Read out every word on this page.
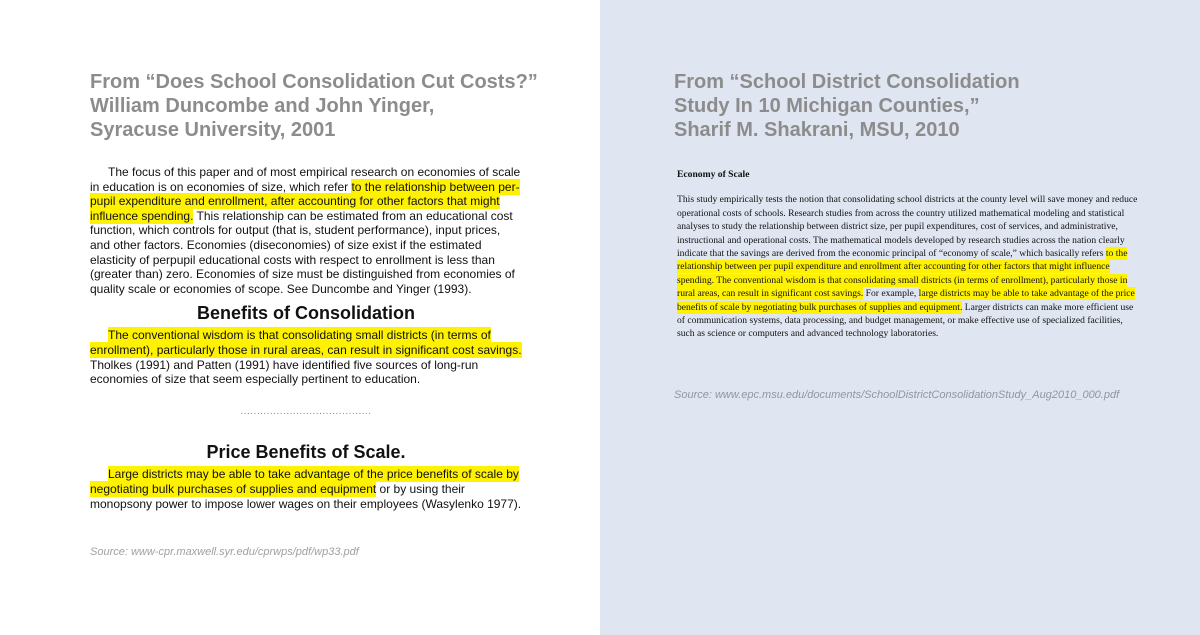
From “Does School Consolidation Cut Costs?”
William Duncombe and John Yinger,
Syracuse University, 2001

The focus of this paper and of most empirical research on economies of scale in education is on economies of size, which refer to the relationship between per-pupil expenditure and enrollment, after accounting for other factors that might influence spending. This relationship can be estimated from an educational cost function, which controls for output (that is, student performance), input prices, and other factors. Economies (diseconomies) of size exist if the estimated elasticity of perpupil educational costs with respect to enrollment is less than (greater than) zero. Economies of size must be distinguished from economies of quality scale or economies of scope. See Duncombe and Yinger (1993).

Benefits of Consolidation

The conventional wisdom is that consolidating small districts (in terms of enrollment), particularly those in rural areas, can result in significant cost savings. Tholkes (1991) and Patten (1991) have identified five sources of long-run economies of size that seem especially pertinent to education.

........................................
Price Benefits of Scale.

Large districts may be able to take advantage of the price benefits of scale by negotiating bulk purchases of supplies and equipment or by using their monopsony power to impose lower wages on their employees (Wasylenko 1977).

Source: www-cpr.maxwell.syr.edu/cprwps/pdf/wp33.pdf
From “School District Consolidation
Study In 10 Michigan Counties,”
Sharif M. Shakrani, MSU, 2010

Economy of Scale

This study empirically tests the notion that consolidating school districts at the county level will save money and reduce operational costs of schools. Research studies from across the country utilized mathematical modeling and statistical analyses to study the relationship between district size, per pupil expenditures, cost of services, and administrative, instructional and operational costs. The mathematical models developed by research studies across the nation clearly indicate that the savings are derived from the economic principal of “economy of scale,” which basically refers to the relationship between per pupil expenditure and enrollment after accounting for other factors that might influence spending. The conventional wisdom is that consolidating small districts (in terms of enrollment), particularly those in rural areas, can result in significant cost savings. For example, large districts may be able to take advantage of the price benefits of scale by negotiating bulk purchases of supplies and equipment. Larger districts can make more efficient use of communication systems, data processing, and budget management, or make effective use of specialized facilities, such as science or computers and advanced technology laboratories.

Source: www.epc.msu.edu/documents/SchoolDistrictConsolidationStudy_Aug2010_000.pdf
